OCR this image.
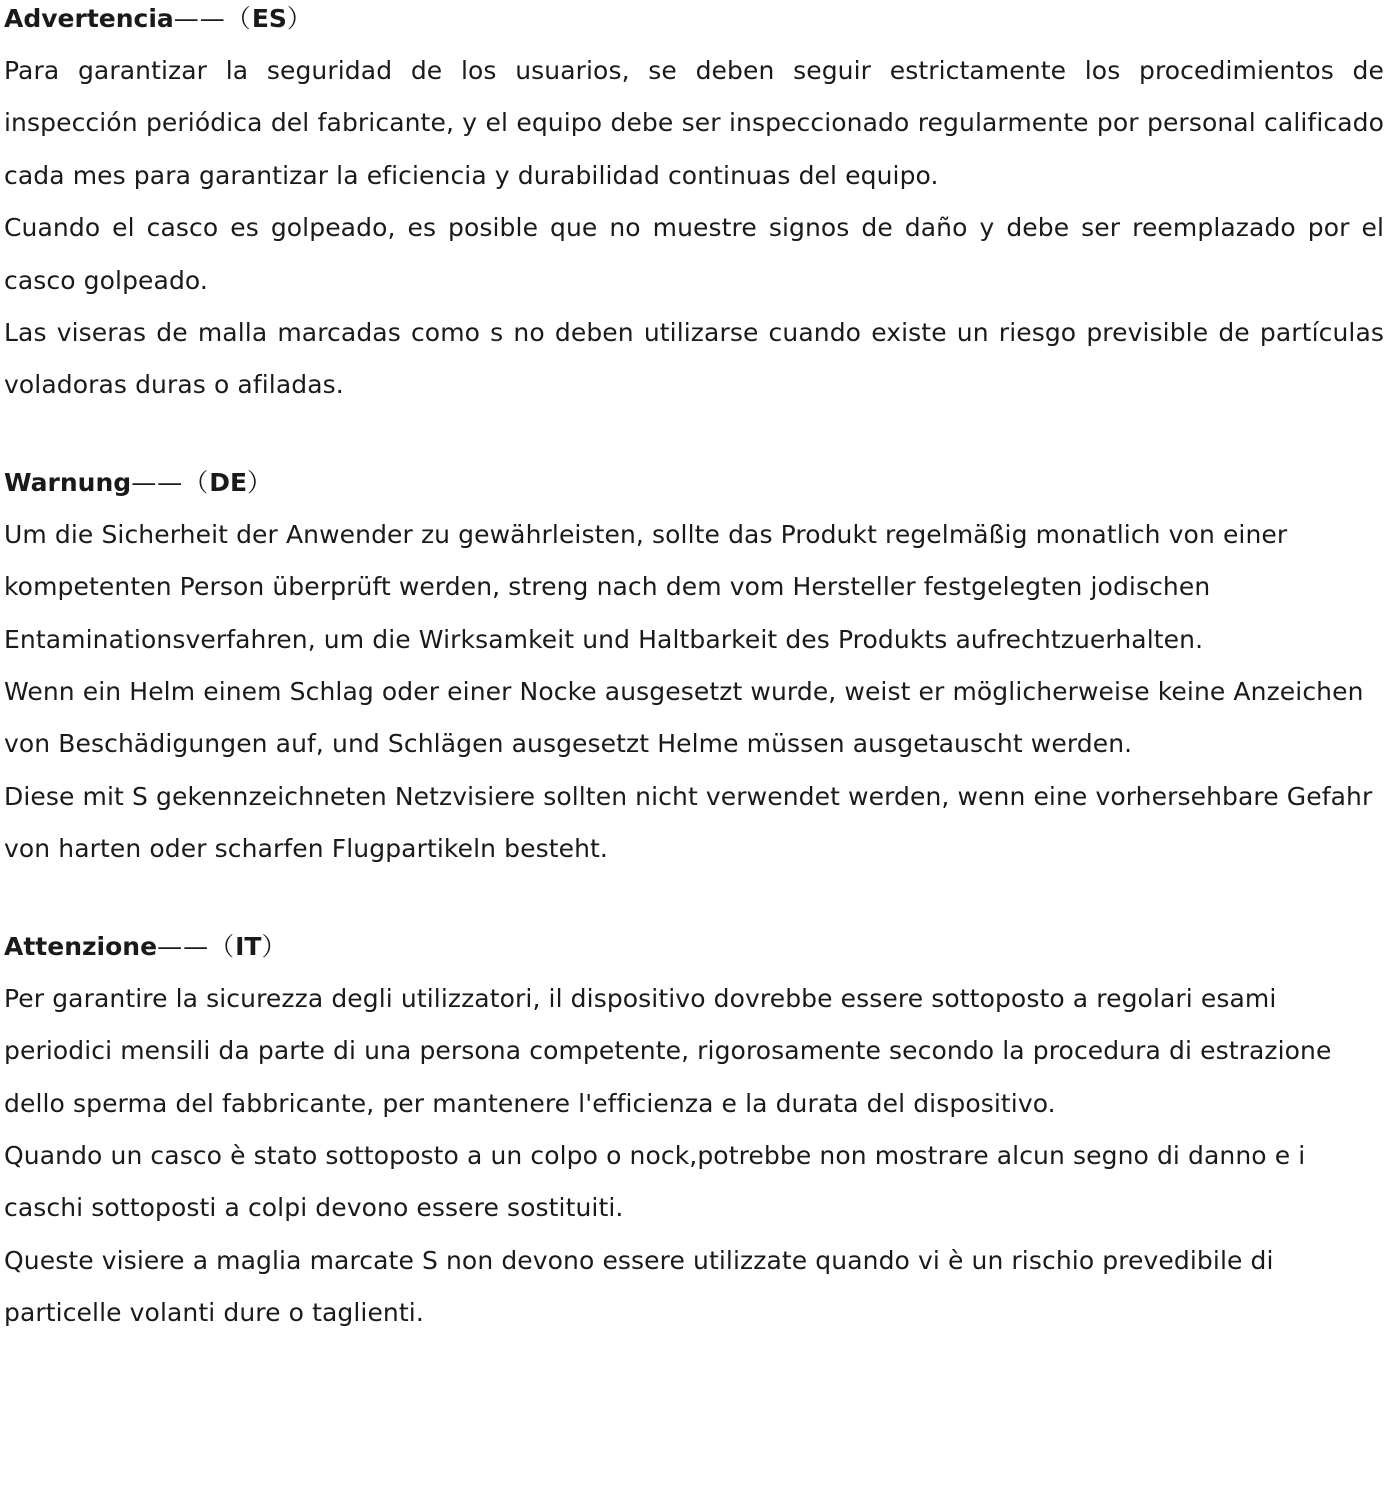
Advertencia——（ES）

Para garantizar la seguridad de los usuarios, se deben seguir estrictamente los procedimientos de inspección periódica del fabricante, y el equipo debe ser inspeccionado regularmente por personal calificado cada mes para garantizar la eficiencia y durabilidad continuas del equipo.

Cuando el casco es golpeado, es posible que no muestre signos de daño y debe ser reemplazado por el casco golpeado.

Las viseras de malla marcadas como s no deben utilizarse cuando existe un riesgo previsible de partículas voladoras duras o afiladas.

Warnung——（DE）

Um die Sicherheit der Anwender zu gewährleisten, sollte das Produkt regelmäßig monatlich von einer kompetenten Person überprüft werden, streng nach dem vom Hersteller festgelegten jodischen Entaminationsverfahren, um die Wirksamkeit und Haltbarkeit des Produkts aufrechtzuerhalten.

Wenn ein Helm einem Schlag oder einer Nocke ausgesetzt wurde, weist er möglicherweise keine Anzeichen von Beschädigungen auf, und Schlägen ausgesetzt Helme müssen ausgetauscht werden.

Diese mit S gekennzeichneten Netzvisiere sollten nicht verwendet werden, wenn eine vorhersehbare Gefahr von harten oder scharfen Flugpartikeln besteht.

Attenzione——（IT）

Per garantire la sicurezza degli utilizzatori, il dispositivo dovrebbe essere sottoposto a regolari esami periodici mensili da parte di una persona competente, rigorosamente secondo la procedura di estrazione dello sperma del fabbricante, per mantenere l'efficienza e la durata del dispositivo.

Quando un casco è stato sottoposto a un colpo o nock,potrebbe non mostrare alcun segno di danno e i caschi sottoposti a colpi devono essere sostituiti.

Queste visiere a maglia marcate S non devono essere utilizzate quando vi è un rischio prevedibile di particelle volanti dure o taglienti.
